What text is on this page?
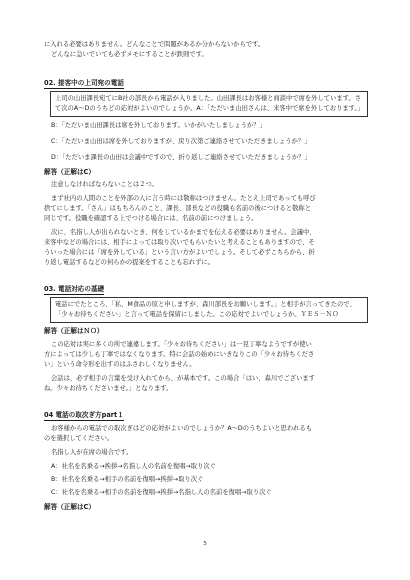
に入れる必要はありません。どんなことで問題があるか分からないからです。
どんなに急いでいても必ずメモにすることが鉄則です。
02. 接客中の上司宛の電話
上司の山田課長宛てにB社の部長から電話が入りました。山田課長はお客様と商談中で席を外しています。さて次のA～Dのうちどの応対がよいのでしょうか。A：「ただいま山田さんは、来客中で席を外しております。」
B：「ただいま山田課長は席を外しております。いかがいたしましょうか？」
C：「ただいま山田は席を外しておりますが、戻り次第ご連絡させていただきましょうか？」
D：「ただいま課長の山田は会議中ですので、折り返しご連絡させていただきましょうか？」
解答（正解はC）
注意しなければならないことは２つ。
まず社内の人間のことを外部の人に言う時には敬称はつけません。たとえ上司であっても呼び
捨てにします。「さん」はもちろんのこと、課長、部長などの役職も名前の後につけると敬称と
同じです。役職を確認する上でつける場合には、名前の前につけましょう。
次に、名指し人が出られないとき、何をしているかまでを伝える必要はありません。会議中、
来客中などの場合には、相手によっては取り次いでもらいたいと考えることもありますので、そ
ういった場合には「席を外している」という言い方がよいでしょう。そして必ずこちらから、折
り返し電話するなどの何らかの提案をすることも忘れずに。
03. 電話対応の基礎
電話にでたところ、「私、M食品の原と申しますが、森川部長をお願いします。」と相手が言ってきたので、「少々お待ちください」と言って電話を保留にしました。この応対でよいでしょうか。ＹＥＳ－ＮＯ
解答（正解はＮＯ）
この応対は実に多くの所で連違します。「少々お待ちください」は一見丁寧なようですが使い
方によっては少しも丁寧ではなくなります。特に会話の始めにいきなりこの「少々お待ちくださ
い」という命令形を出すのはふさわしくなりません。
会話は、必ず相手の言葉を受け入れてから、が基本です。この場合「はい、森川でございます
ね。少々お待ちくださいませ。」となります。
04 電話の取次ぎ方part１
お客様からの電話での取次ぎはどの応対がよいのでしょうか？A～Dのうちよいと思われるも
のを選択してください。
名指し人が在席の場合です。
A：社名を名乗る→挨拶→名指し人の名前を復唱→取り次ぐ
B：社名を名乗る→相手の名前を復唱→挨拶→取り次ぐ
C：社名を名乗る→相手の名前を復唱→挨拶→名指し人の名前を復唱→取り次ぐ
解答（正解はC）
5
